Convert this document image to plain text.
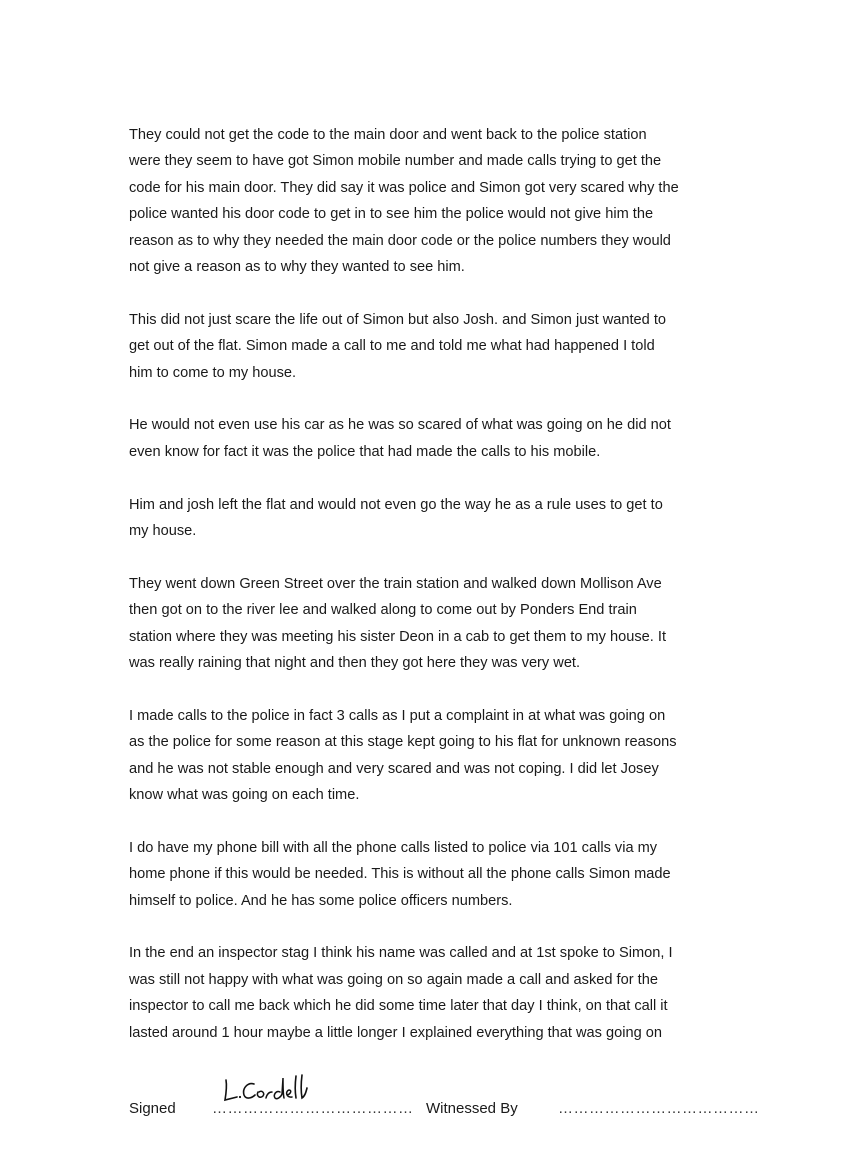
They could not get the code to the main door and went back to the police station
were they seem to have got Simon mobile number and made calls trying to get the
code for his main door. They did say it was police and Simon got very scared why the
police wanted his door code to get in to see him the police would not give him the
reason as to why they needed the main door code or the police numbers they would
not give a reason as to why they wanted to see him.

This did not just scare the life out of Simon but also Josh. and Simon just wanted to
get out of the flat. Simon made a call to me and told me what had happened I told
him to come to my house.

He would not even use his car as he was so scared of what was going on he did not
even know for fact it was the police that had made the calls to his mobile.

Him and josh left the flat and would not even go the way he as a rule uses to get to
my house.

They went down Green Street over the train station and walked down Mollison Ave
then got on to the river lee and walked along to come out by Ponders End train
station where they was meeting his sister Deon in a cab to get them to my house. It
was really raining that night and then they got here they was very wet.

I made calls to the police in fact 3 calls as I put a complaint in at what was going on
as the police for some reason at this stage kept going to his flat for unknown reasons
and he was not stable enough and very scared and was not coping. I did let Josey
know what was going on each time.

I do have my phone bill with all the phone calls listed to police via 101 calls via my
home phone if this would be needed. This is without all the phone calls Simon made
himself to police. And he has some police officers numbers.

In the end an inspector stag I think his name was called and at 1st spoke to Simon, I
was still not happy with what was going on so again made a call and asked for the
inspector to call me back which he did some time later that day I think, on that call it
lasted around 1 hour maybe a little longer I explained everything that was going on

Signed ………………………………… Witnessed By	…………………………………
